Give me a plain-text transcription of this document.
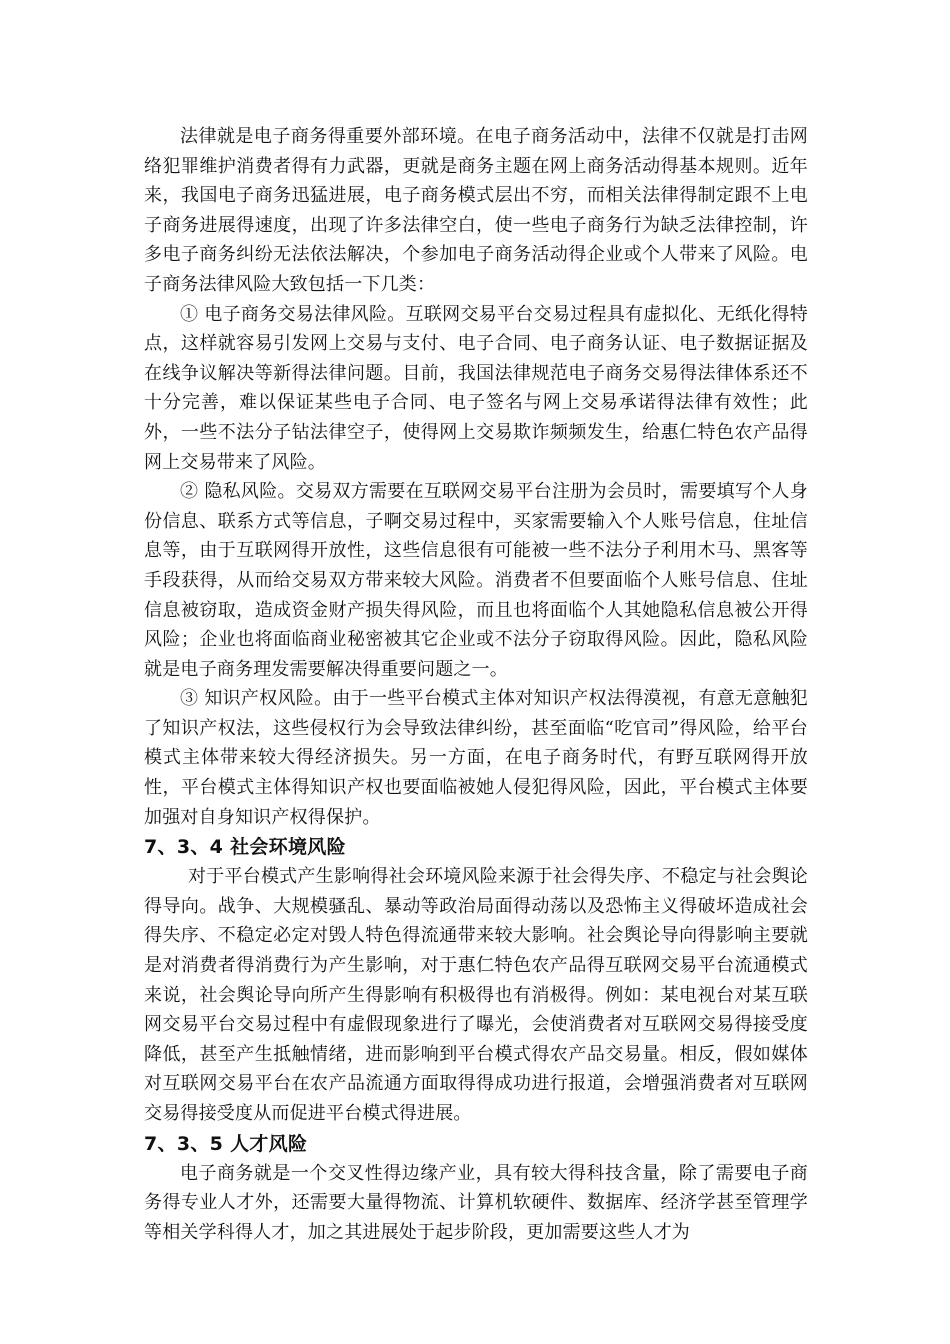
法律就是电子商务得重要外部环境。在电子商务活动中，法律不仅就是打击网络犯罪维护消费者得有力武器，更就是商务主题在网上商务活动得基本规则。近年来，我国电子商务迅猛进展，电子商务模式层出不穷，而相关法律得制定跟不上电子商务进展得速度，出现了许多法律空白，使一些电子商务行为缺乏法律控制，许多电子商务纠纷无法依法解决，个参加电子商务活动得企业或个人带来了风险。电子商务法律风险大致包括一下几类：

① 电子商务交易法律风险。互联网交易平台交易过程具有虚拟化、无纸化得特点，这样就容易引发网上交易与支付、电子合同、电子商务认证、电子数据证据及在线争议解决等新得法律问题。目前，我国法律规范电子商务交易得法律体系还不十分完善，难以保证某些电子合同、电子签名与网上交易承诺得法律有效性；此外，一些不法分子钻法律空子，使得网上交易欺诈频频发生，给惠仁特色农产品得网上交易带来了风险。

② 隐私风险。交易双方需要在互联网交易平台注册为会员时，需要填写个人身份信息、联系方式等信息，子啊交易过程中，买家需要输入个人账号信息，住址信息等，由于互联网得开放性，这些信息很有可能被一些不法分子利用木马、黑客等手段获得，从而给交易双方带来较大风险。消费者不但要面临个人账号信息、住址信息被窃取，造成资金财产损失得风险，而且也将面临个人其她隐私信息被公开得风险；企业也将面临商业秘密被其它企业或不法分子窃取得风险。因此，隐私风险就是电子商务理发需要解决得重要问题之一。

③ 知识产权风险。由于一些平台模式主体对知识产权法得漠视，有意无意触犯了知识产权法，这些侵权行为会导致法律纠纷，甚至面临“吃官司”得风险，给平台模式主体带来较大得经济损失。另一方面，在电子商务时代，有野互联网得开放性，平台模式主体得知识产权也要面临被她人侵犯得风险，因此，平台模式主体要加强对自身知识产权得保护。

7、3、4 社会环境风险

对于平台模式产生影响得社会环境风险来源于社会得失序、不稳定与社会舆论得导向。战争、大规模骚乱、暴动等政治局面得动荡以及恐怖主义得破坏造成社会得失序、不稳定必定对毁人特色得流通带来较大影响。社会舆论导向得影响主要就是对消费者得消费行为产生影响，对于惠仁特色农产品得互联网交易平台流通模式来说，社会舆论导向所产生得影响有积极得也有消极得。例如：某电视台对某互联网交易平台交易过程中有虚假现象进行了曝光，会使消费者对互联网交易得接受度降低，甚至产生抵触情绪，进而影响到平台模式得农产品交易量。相反，假如媒体对互联网交易平台在农产品流通方面取得得成功进行报道，会增强消费者对互联网交易得接受度从而促进平台模式得进展。

7、3、5 人才风险

电子商务就是一个交叉性得边缘产业，具有较大得科技含量，除了需要电子商务得专业人才外，还需要大量得物流、计算机软硬件、数据库、经济学甚至管理学等相关学科得人才，加之其进展处于起步阶段，更加需要这些人才为
